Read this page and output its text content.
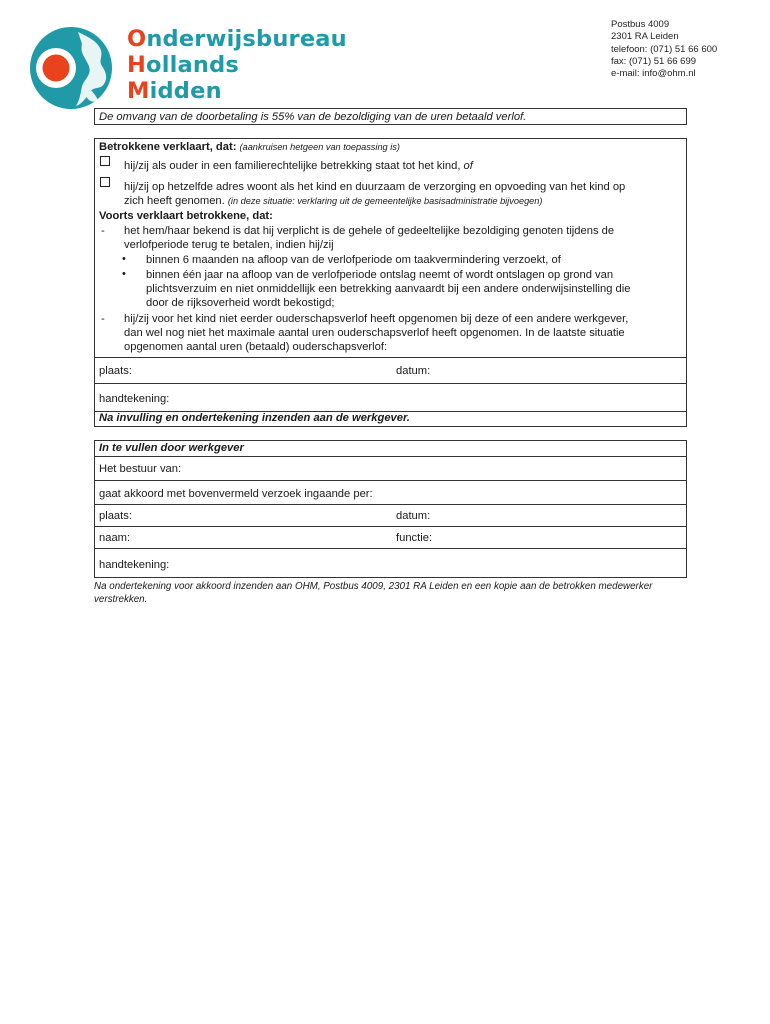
Onderwijsbureau
Hollands
Midden
Postbus 4009
2301 RA Leiden
telefoon: (071) 51 66 600
fax: (071) 51 66 699
e-mail: info@ohm.nl
De omvang van de doorbetaling is 55% van de bezoldiging van de uren betaald verlof.
Betrokkene verklaart, dat: (aankruisen hetgeen van toepassing is)
hij/zij als ouder in een familierechtelijke betrekking staat tot het kind, of
hij/zij op hetzelfde adres woont als het kind en duurzaam de verzorging en opvoeding van het kind op
zich heeft genomen. (in deze situatie: verklaring uit de gemeentelijke basisadministratie bijvoegen)
Voorts verklaart betrokkene, dat:
- het hem/haar bekend is dat hij verplicht is de gehele of gedeeltelijke bezoldiging genoten tijdens de
verlofperiode terug te betalen, indien hij/zij
• binnen 6 maanden na afloop van de verlofperiode om taakvermindering verzoekt, of
• binnen één jaar na afloop van de verlofperiode ontslag neemt of wordt ontslagen op grond van
plichtsverzuim en niet onmiddellijk een betrekking aanvaardt bij een andere onderwijsinstelling die
door de rijksoverheid wordt bekostigd;
- hij/zij voor het kind niet eerder ouderschapsverlof heeft opgenomen bij deze of een andere werkgever,
dan wel nog niet het maximale aantal uren ouderschapsverlof heeft opgenomen. In de laatste situatie
opgenomen aantal uren (betaald) ouderschapsverlof:
plaats:	datum:
handtekening:
Na invulling en ondertekening inzenden aan de werkgever.
In te vullen door werkgever
Het bestuur van:
gaat akkoord met bovenvermeld verzoek ingaande per:
plaats:	datum:
naam:	functie:
handtekening:
Na ondertekening voor akkoord inzenden aan OHM, Postbus 4009, 2301 RA Leiden en een kopie aan de betrokken medewerker verstrekken.
